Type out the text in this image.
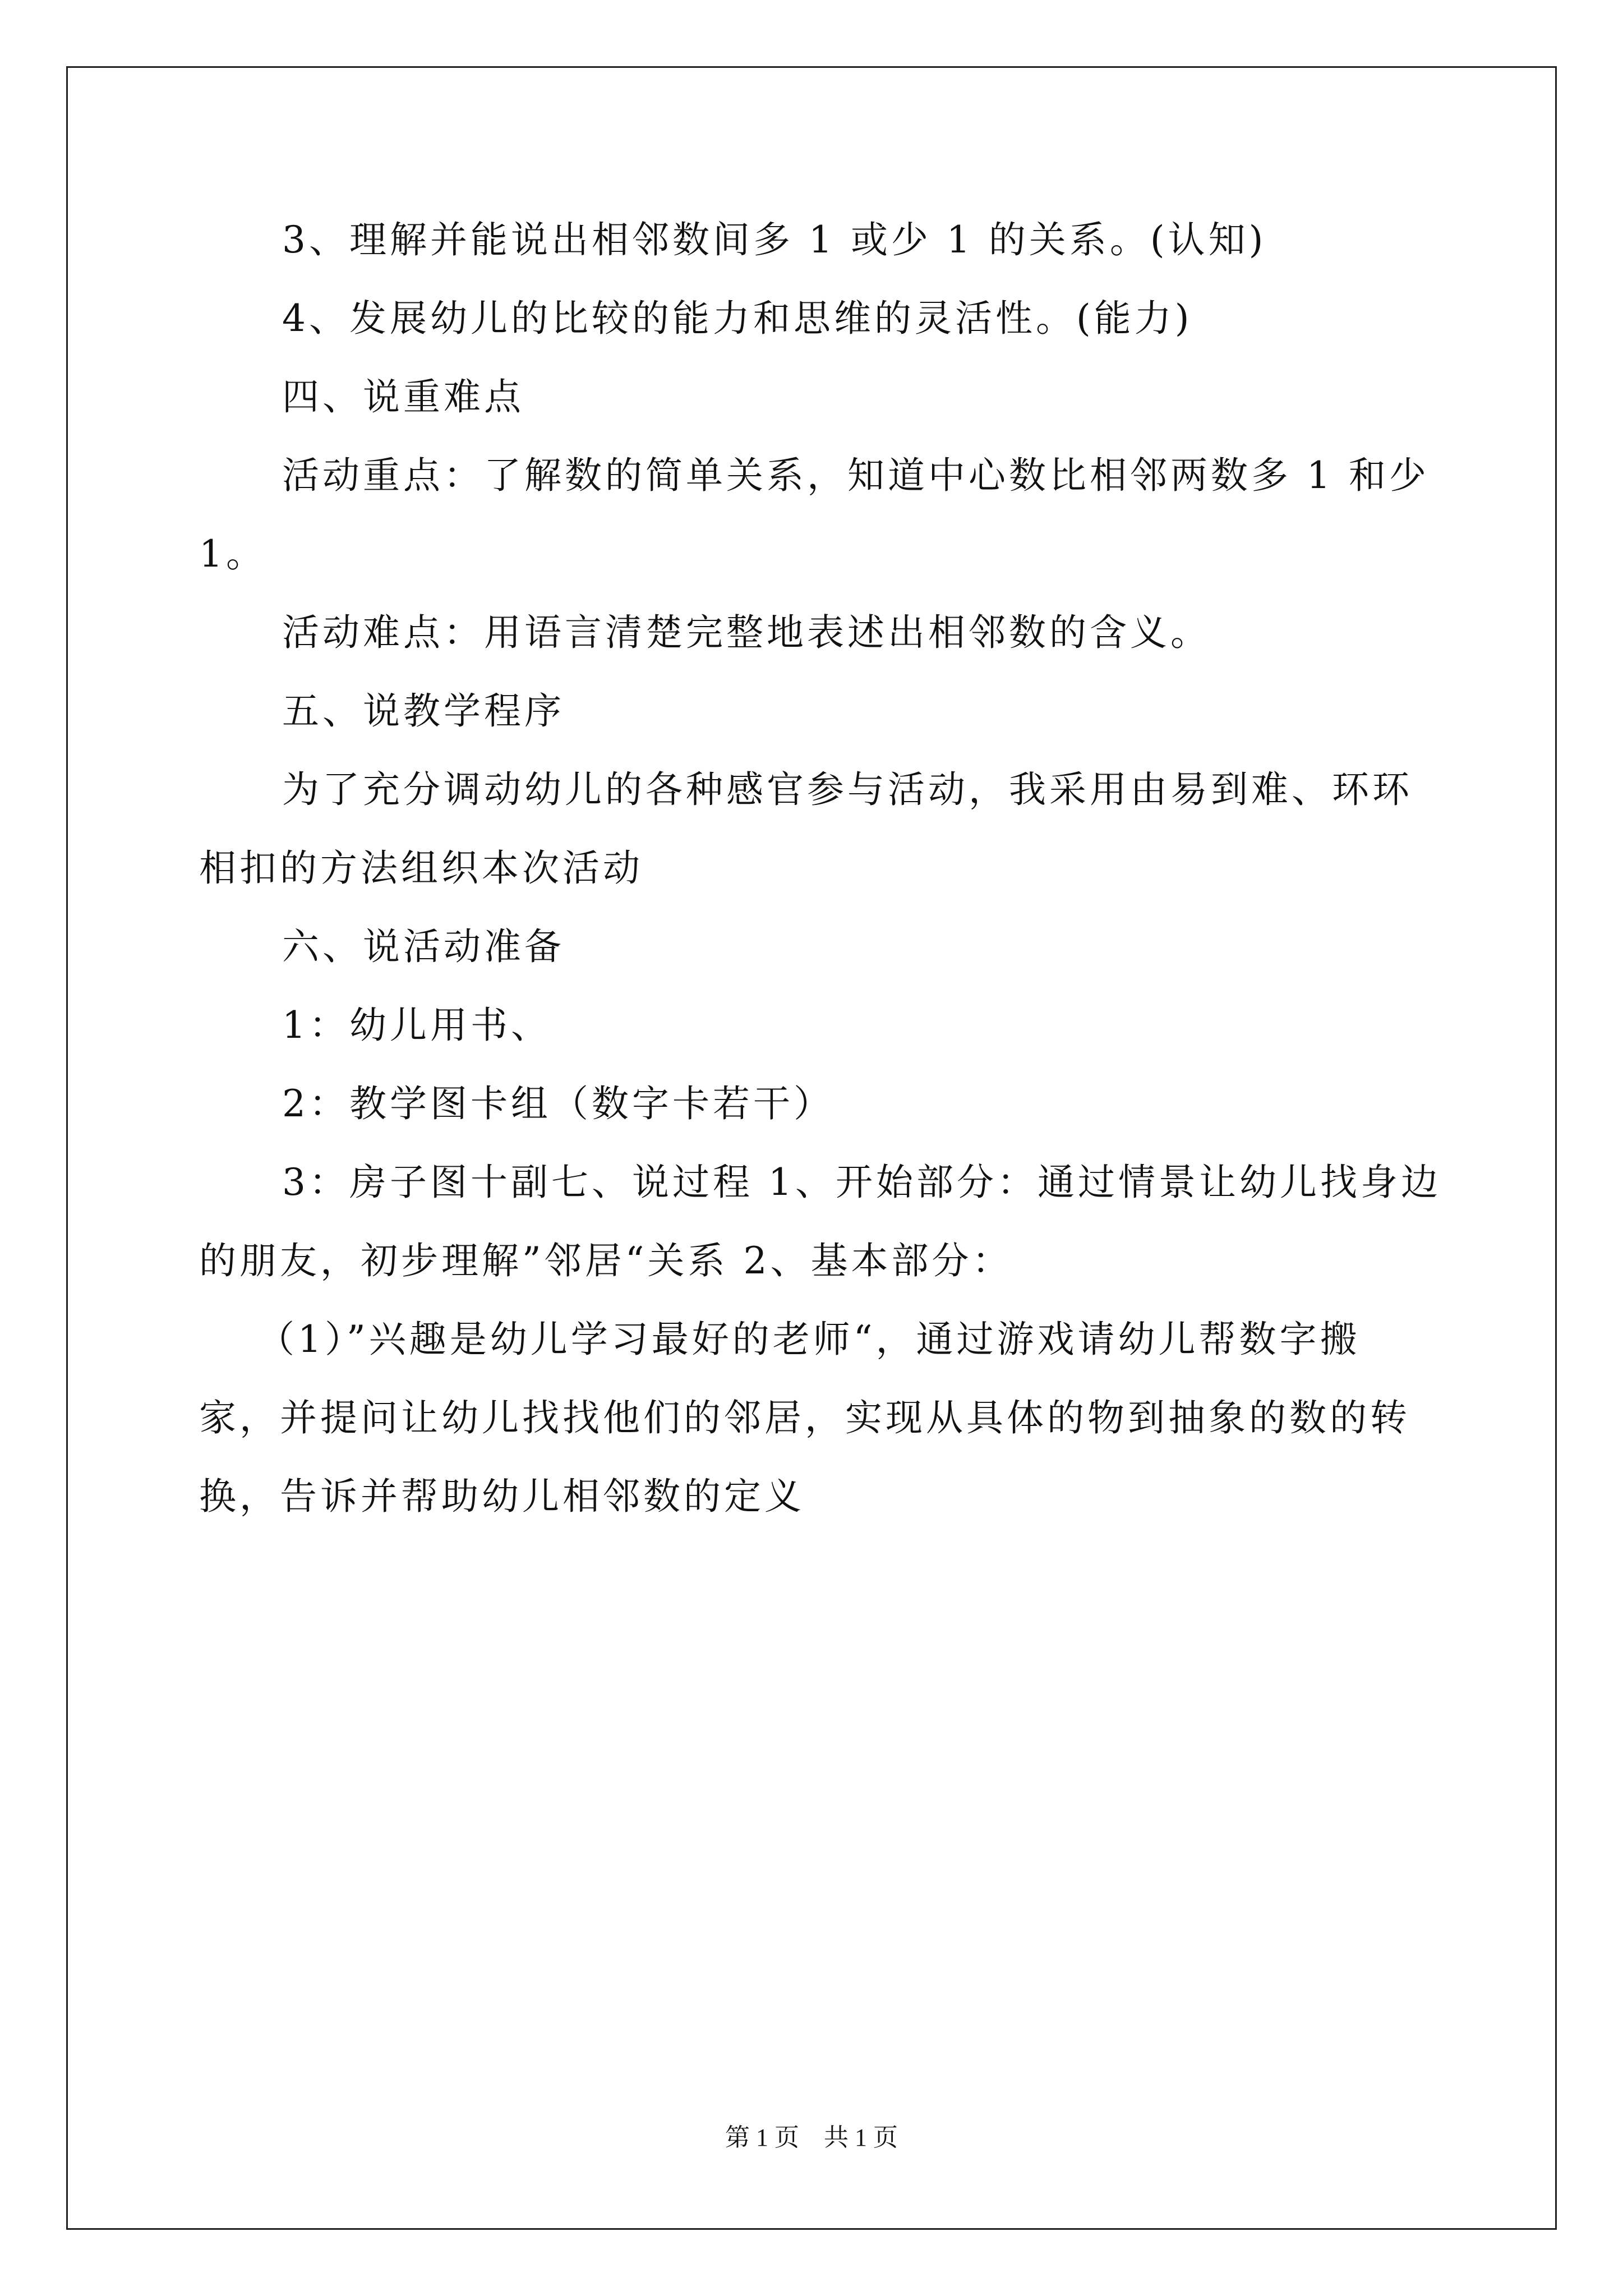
3、理解并能说出相邻数间多 1 或少 1 的关系。(认知)
4、发展幼儿的比较的能力和思维的灵活性。(能力)
四、说重难点
活动重点：了解数的简单关系，知道中心数比相邻两数多 1 和少
1。
活动难点：用语言清楚完整地表述出相邻数的含义。
五、说教学程序
为了充分调动幼儿的各种感官参与活动，我采用由易到难、环环
相扣的方法组织本次活动
六、说活动准备
1：幼儿用书、
2：教学图卡组（数字卡若干）
3：房子图十副七、说过程 1、开始部分：通过情景让幼儿找身边
的朋友，初步理解”邻居“关系 2、基本部分：
（1）”兴趣是幼儿学习最好的老师“，通过游戏请幼儿帮数字搬
家，并提问让幼儿找找他们的邻居，实现从具体的物到抽象的数的转
换，告诉并帮助幼儿相邻数的定义
第 1 页　共 1 页
